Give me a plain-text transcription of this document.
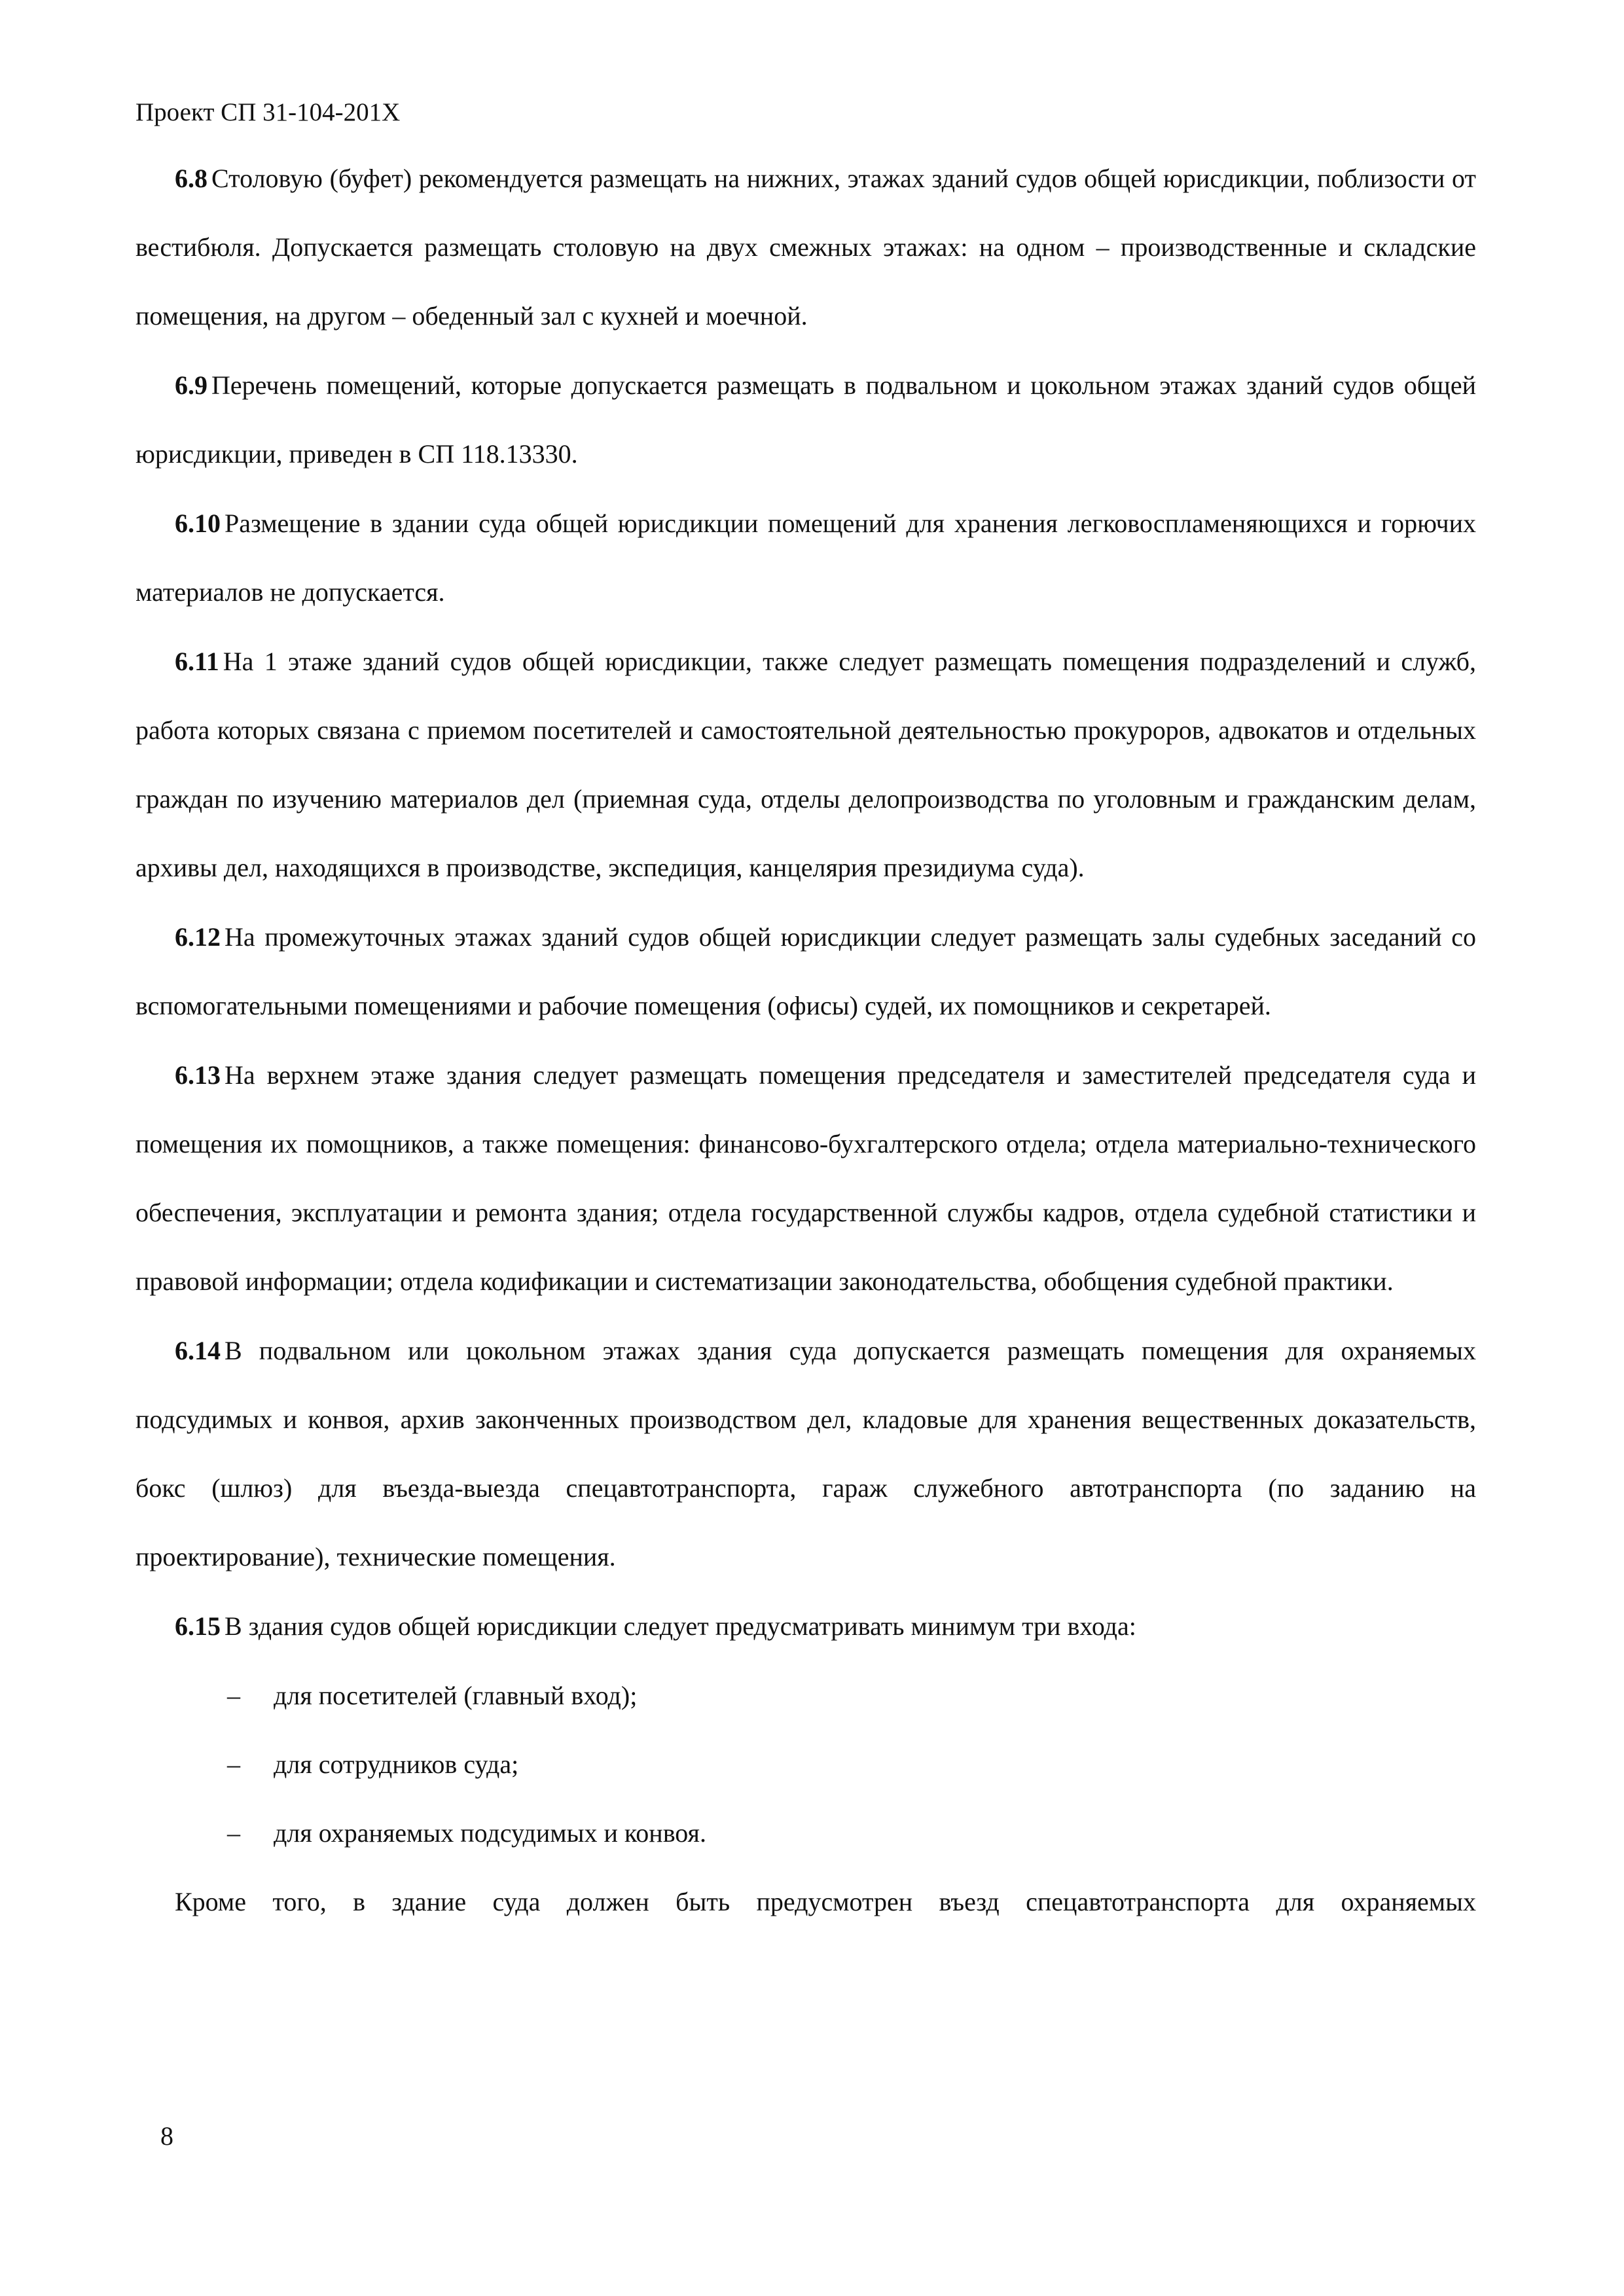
Проект СП 31-104-201Х

6.8 Столовую (буфет) рекомендуется размещать на нижних, этажах зданий судов общей юрисдикции, поблизости от вестибюля. Допускается размещать столовую на двух смежных этажах: на одном – производственные и складские помещения, на другом – обеденный зал с кухней и моечной.

6.9 Перечень помещений, которые допускается размещать в подвальном и цокольном этажах зданий судов общей юрисдикции, приведен в СП 118.13330.

6.10 Размещение в здании суда общей юрисдикции помещений для хранения легковоспламеняющихся и горючих материалов не допускается.

6.11 На 1 этаже зданий судов общей юрисдикции, также следует размещать помещения подразделений и служб, работа которых связана с приемом посетителей и самостоятельной деятельностью прокуроров, адвокатов и отдельных граждан по изучению материалов дел (приемная суда, отделы делопроизводства по уголовным и гражданским делам, архивы дел, находящихся в производстве, экспедиция, канцелярия президиума суда).

6.12 На промежуточных этажах зданий судов общей юрисдикции следует размещать залы судебных заседаний со вспомогательными помещениями и рабочие помещения (офисы) судей, их помощников и секретарей.

6.13 На верхнем этаже здания следует размещать помещения председателя и заместителей председателя суда и помещения их помощников, а также помещения: финансово-бухгалтерского отдела; отдела материально-технического обеспечения, эксплуатации и ремонта здания; отдела государственной службы кадров, отдела судебной статистики и правовой информации; отдела кодификации и систематизации законодательства, обобщения судебной практики.

6.14 В подвальном или цокольном этажах здания суда допускается размещать помещения для охраняемых подсудимых и конвоя, архив законченных производством дел, кладовые для хранения вещественных доказательств, бокс (шлюз) для въезда-выезда спецавтотранспорта, гараж служебного автотранспорта (по заданию на проектирование), технические помещения.

6.15 В здания судов общей юрисдикции следует предусматривать минимум три входа:

– для посетителей (главный вход);
– для сотрудников суда;
– для охраняемых подсудимых и конвоя.

Кроме того, в здание суда должен быть предусмотрен въезд спецавтотранспорта для охраняемых

8
